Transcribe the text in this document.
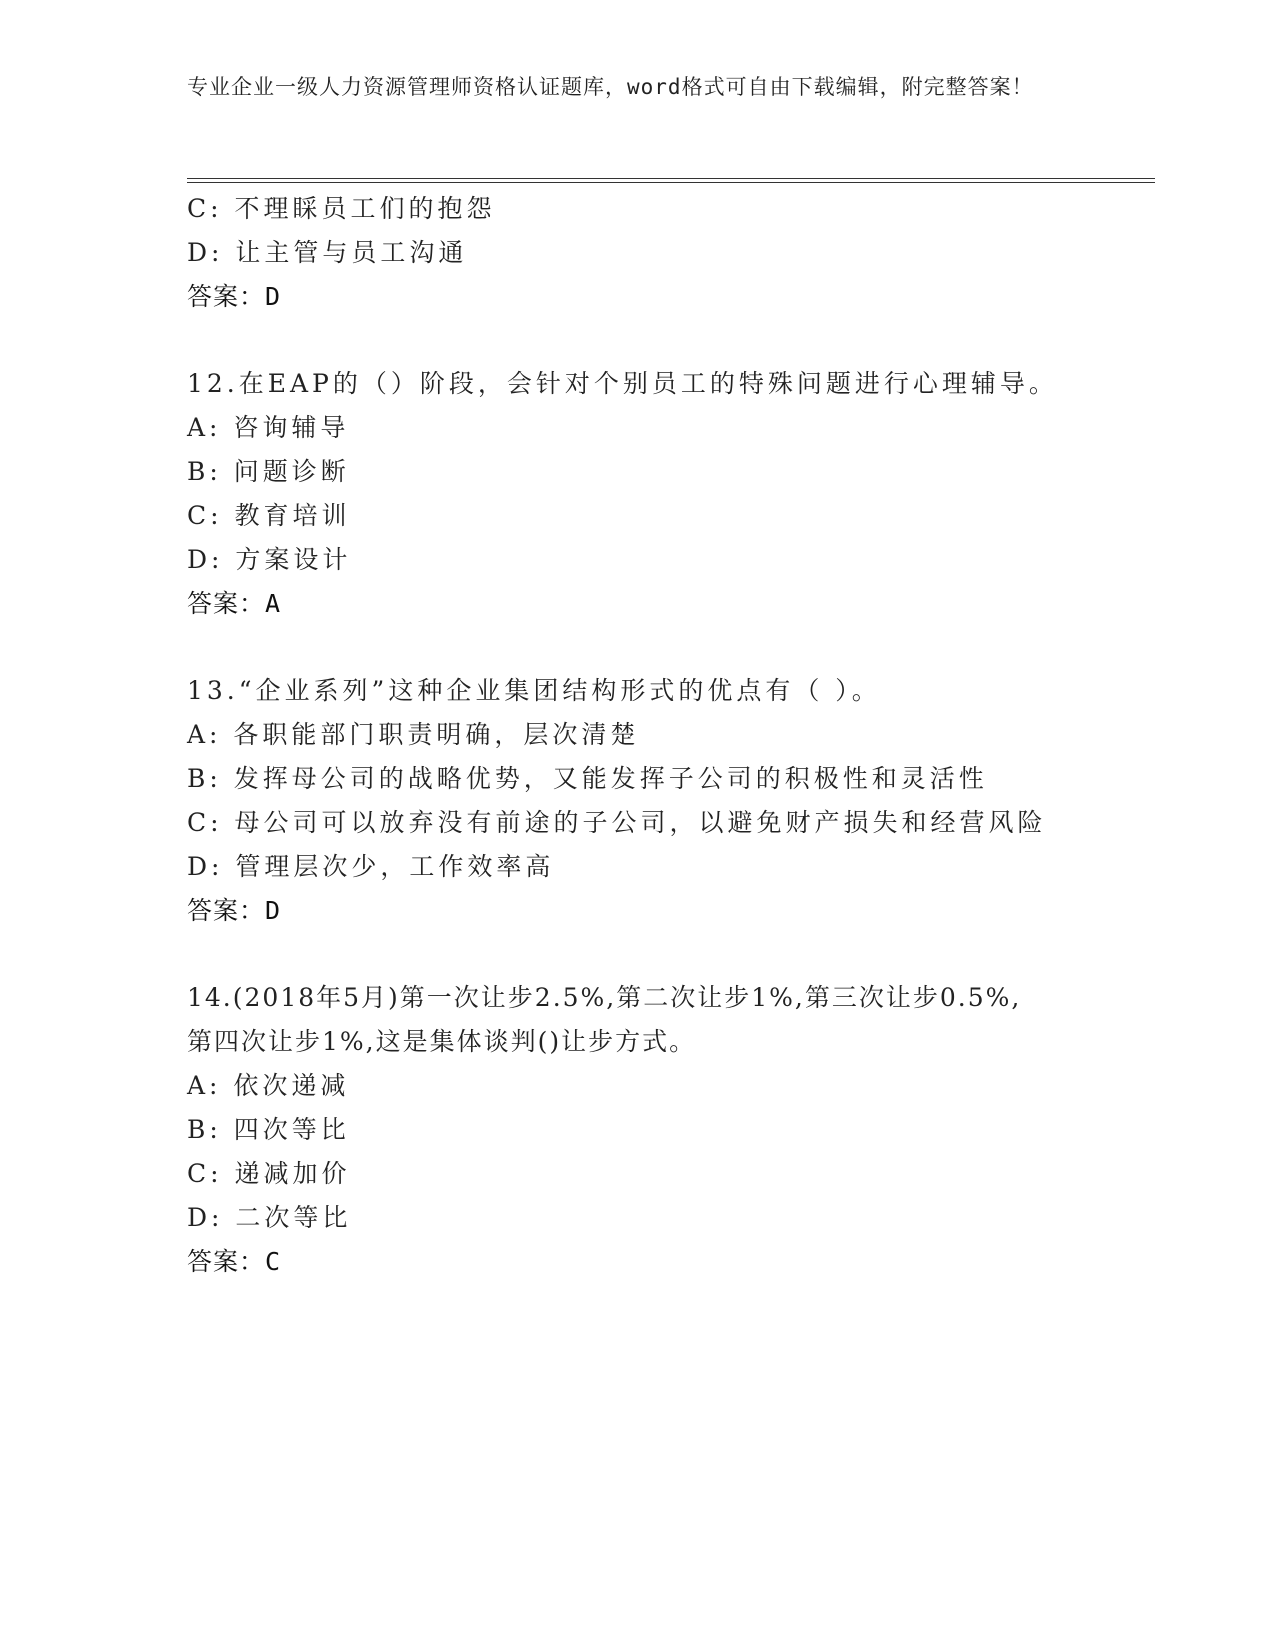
专业企业一级人力资源管理师资格认证题库，word格式可自由下载编辑，附完整答案！
C: 不理睬员工们的抱怨
D: 让主管与员工沟通
答案：D
12.在EAP的（）阶段，会针对个别员工的特殊问题进行心理辅导。
A: 咨询辅导
B: 问题诊断
C: 教育培训
D: 方案设计
答案：A
13.“企业系列”这种企业集团结构形式的优点有（ ）。
A: 各职能部门职责明确，层次清楚
B: 发挥母公司的战略优势，又能发挥子公司的积极性和灵活性
C: 母公司可以放弃没有前途的子公司，以避免财产损失和经营风险
D: 管理层次少，工作效率高
答案：D
14.(2018年5月)第一次让步2.5%,第二次让步1%,第三次让步0.5%,
第四次让步1%,这是集体谈判()让步方式。
A: 依次递减
B: 四次等比
C: 递减加价
D: 二次等比
答案：C
